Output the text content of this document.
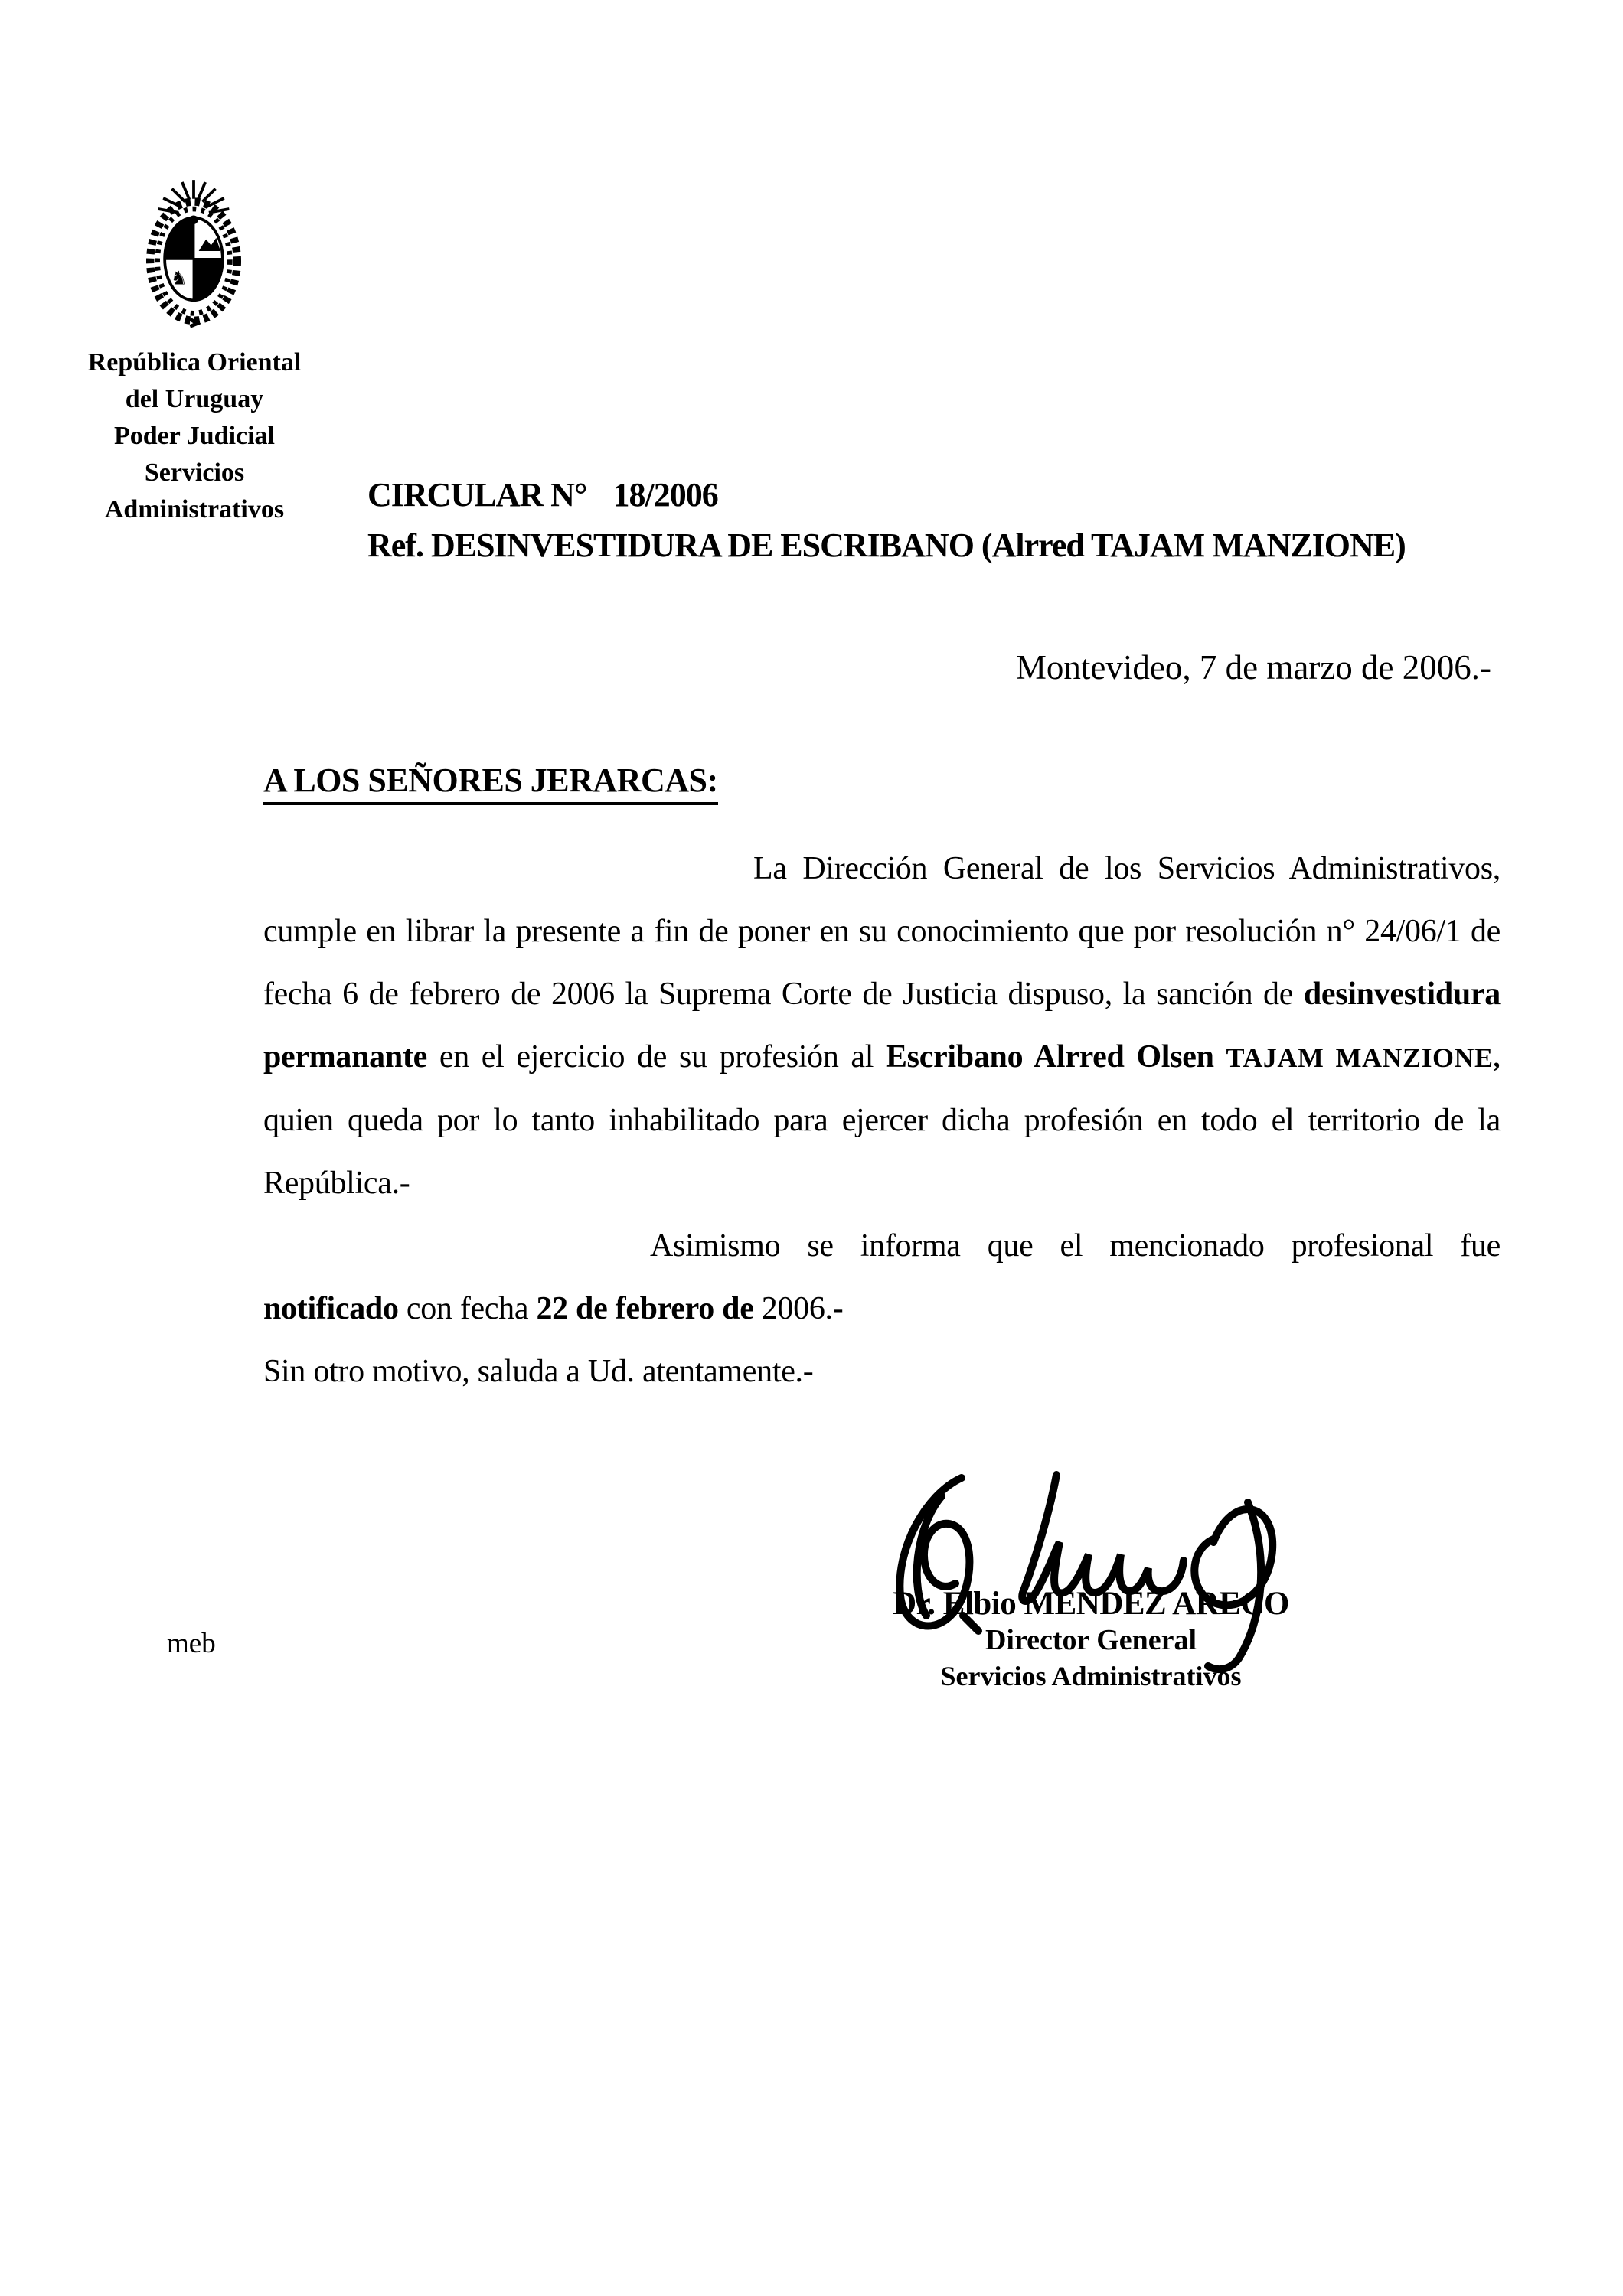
♞
República Oriental
del Uruguay
Poder Judicial
Servicios
Administrativos	CIRCULAR N° 18/2006
Ref. DESINVESTIDURA DE ESCRIBANO (Alrred TAJAM MANZIONE)
Montevideo, 7 de marzo de 2006.-
A LOS SEÑORES JERARCAS:

La Dirección General de los Servicios Administrativos, cumple en librar la presente a fin de poner en su conocimiento que por resolución n° 24/06/1 de fecha 6 de febrero de 2006 la Suprema Corte de Justicia dispuso, la sanción de desinvestidura permanante en el ejercicio de su profesión al Escribano Alrred Olsen TAJAM MANZIONE, quien queda por lo tanto inhabilitado para ejercer dicha profesión en todo el territorio de la República.-

Asimismo se informa que el mencionado profesional fue notificado con fecha 22 de febrero de 2006.-

Sin otro motivo, saluda a Ud. atentamente.-

Dr. Elbio MENDEZ ARECO
Director General
Servicios Administrativos
meb
